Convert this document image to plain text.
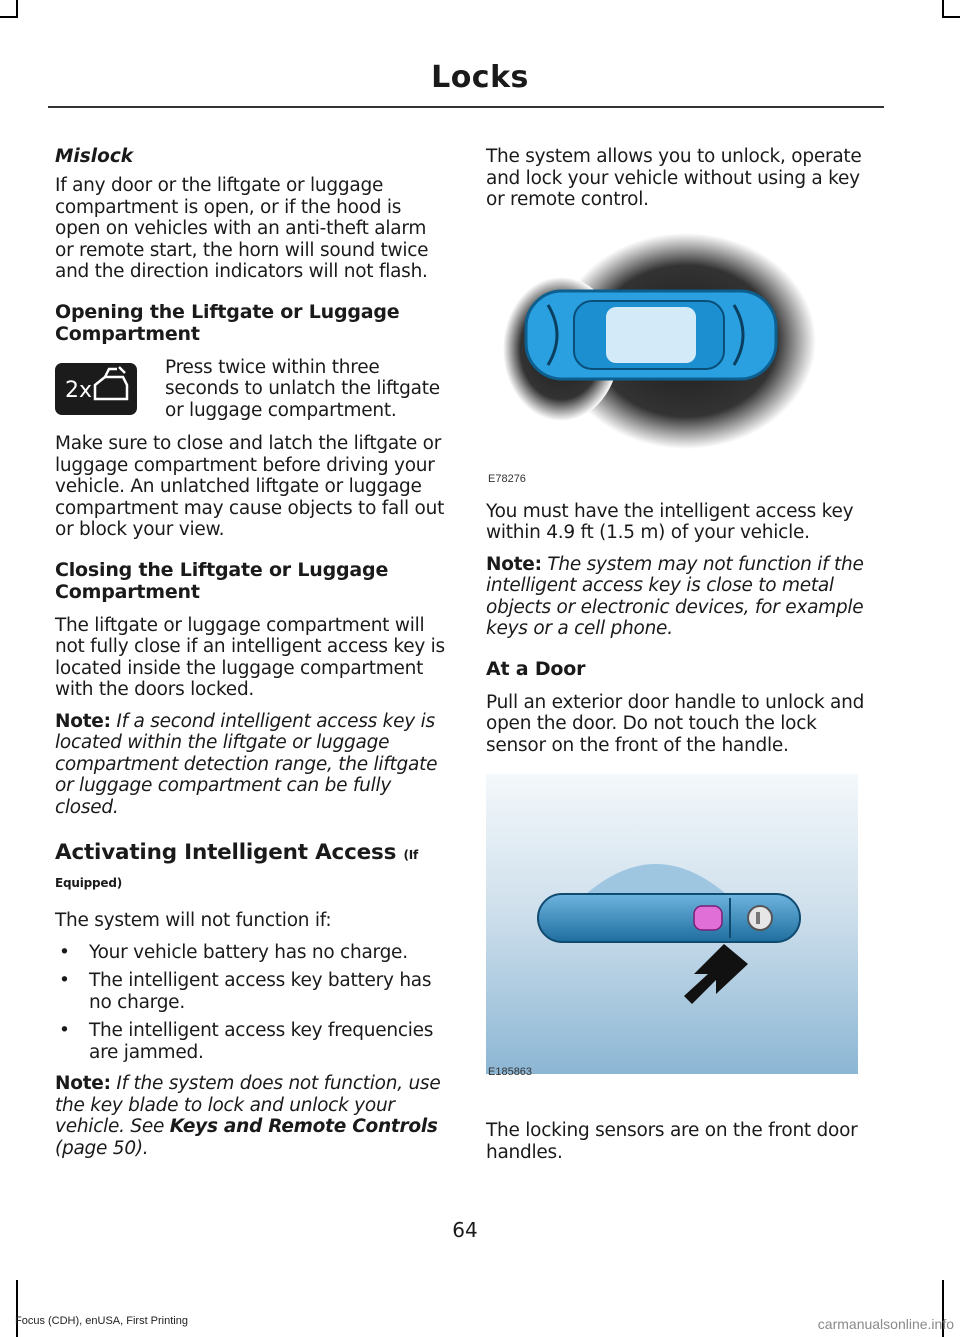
Locks
Mislock

If any door or the liftgate or luggage compartment is open, or if the hood is open on vehicles with an anti-theft alarm or remote start, the horn will sound twice and the direction indicators will not flash.

Opening the Liftgate or Luggage Compartment
2x

Press twice within three seconds to unlatch the liftgate or luggage compartment.

Make sure to close and latch the liftgate or luggage compartment before driving your vehicle. An unlatched liftgate or luggage compartment may cause objects to fall out or block your view.

Closing the Liftgate or Luggage Compartment

The liftgate or luggage compartment will not fully close if an intelligent access key is located inside the luggage compartment with the doors locked.

Note: If a second intelligent access key is located within the liftgate or luggage compartment detection range, the liftgate or luggage compartment can be fully closed.

Activating Intelligent Access (If Equipped)

The system will not function if:

• Your vehicle battery has no charge.
• The intelligent access key battery has no charge.
• The intelligent access key frequencies are jammed.

Note: If the system does not function, use the key blade to lock and unlock your vehicle. See Keys and Remote Controls (page 50).

The system allows you to unlock, operate and lock your vehicle without using a key or remote control.

E78276

You must have the intelligent access key within 4.9 ft (1.5 m) of your vehicle.

Note: The system may not function if the intelligent access key is close to metal objects or electronic devices, for example keys or a cell phone.

At a Door

Pull an exterior door handle to unlock and open the door. Do not touch the lock sensor on the front of the handle.

E185863

The locking sensors are on the front door handles.

64
Focus (CDH), enUSA, First Printing	carmanualsonline.info
